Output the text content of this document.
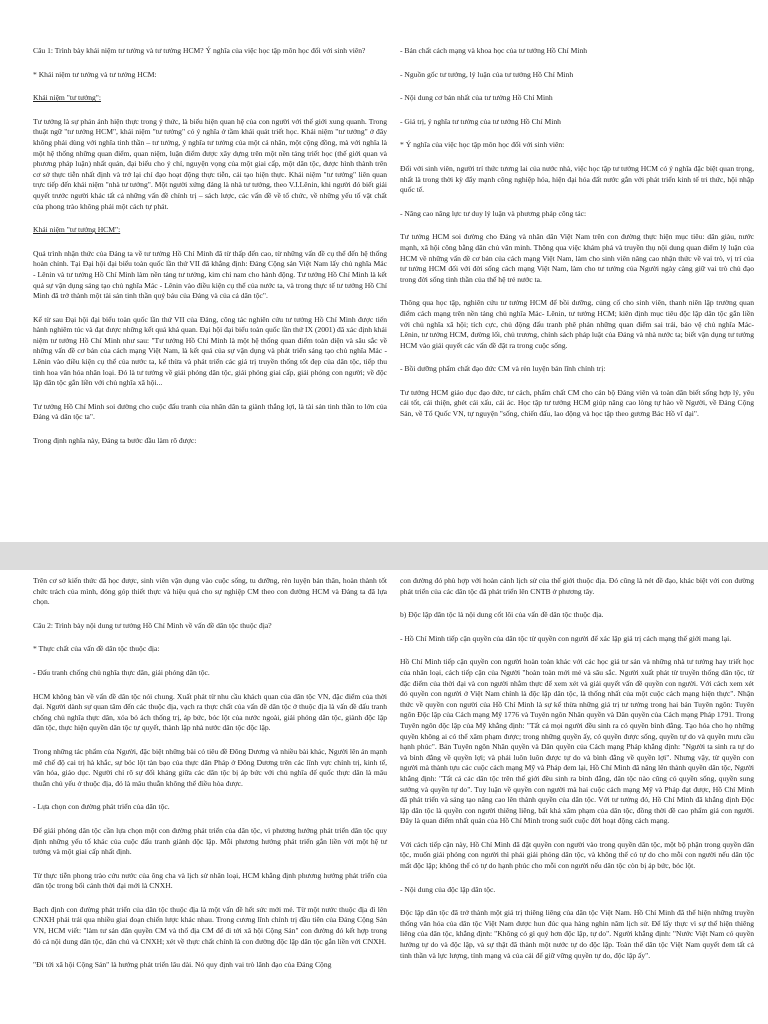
Câu 1: Trình bày khái niệm tư tưởng và tư tưởng HCM? Ý nghĩa của việc học tập môn học đối với sinh viên?

* Khái niệm tư tưởng và tư tưởng HCM:

Khái niệm "tư tưởng":

Tư tưởng là sự phản ánh hiện thực trong ý thức, là biểu hiện quan hệ của con người với thế giới xung quanh. Trong thuật ngữ "tư tưởng HCM", khái niệm "tư tưởng" có ý nghĩa ở tầm khái quát triết học. Khái niệm "tư tưởng" ở đây không phải dùng với nghĩa tinh thần – tư tưởng, ý nghĩa tư tưởng của một cá nhân, một cộng đồng, mà với nghĩa là một hệ thống những quan điểm, quan niệm, luận điểm được xây dựng trên một nền tảng triết học (thế giới quan và phương pháp luận) nhất quán, đại biểu cho ý chí, nguyện vọng của một giai cấp, một dân tộc, được hình thành trên cơ sở thực tiễn nhất định và trở lại chỉ đạo hoạt động thực tiễn, cải tạo hiện thực. Khái niệm "tư tưởng" liên quan trực tiếp đến khái niệm "nhà tư tưởng". Một người xứng đáng là nhà tư tưởng, theo V.I.Lênin, khi người đó biết giải quyết trước người khác tất cả những vấn đề chính trị – sách lược, các vấn đề về tổ chức, về những yếu tố vật chất của phong trào không phải một cách tự phát.

Khái niệm "tư tưởng HCM":

Quá trình nhận thức của Đảng ta về tư tưởng Hồ Chí Minh đã từ thấp đến cao, từ những vấn đề cụ thể đến hệ thống hoàn chỉnh. Tại Đại hội đại biểu toàn quốc lần thứ VII đã khẳng định: Đảng Cộng sản Việt Nam lấy chủ nghĩa Mác - Lênin và tư tưởng Hồ Chí Minh làm nền tảng tư tưởng, kim chỉ nam cho hành động. Tư tưởng Hồ Chí Minh là kết quả sự vận dụng sáng tạo chủ nghĩa Mác - Lênin vào điều kiện cụ thể của nước ta, và trong thực tế tư tưởng Hồ Chí Minh đã trở thành một tài sản tinh thần quý báu của Đảng và của cả dân tộc".

Kể từ sau Đại hội đại biểu toàn quốc lần thứ VII của Đảng, công tác nghiên cứu tư tưởng Hồ Chí Minh được tiến hành nghiêm túc và đạt được những kết quả khả quan. Đại hội đại biểu toàn quốc lần thứ IX (2001) đã xác định khái niệm tư tưởng Hồ Chí Minh như sau: "Tư tưởng Hồ Chí Minh là một hệ thống quan điểm toàn diện và sâu sắc về những vấn đề cơ bản của cách mạng Việt Nam, là kết quả của sự vận dụng và phát triển sáng tạo chủ nghĩa Mác - Lênin vào điều kiện cụ thể của nước ta, kế thừa và phát triển các giá trị truyền thống tốt đẹp của dân tộc, tiếp thu tinh hoa văn hóa nhân loại. Đó là tư tưởng về giải phóng dân tộc, giải phóng giai cấp, giải phóng con người; về độc lập dân tộc gắn liền với chủ nghĩa xã hội...

Tư tưởng Hồ Chí Minh soi đường cho cuộc đấu tranh của nhân dân ta giành thắng lợi, là tài sản tinh thần to lớn của Đảng và dân tộc ta".

Trong định nghĩa này, Đảng ta bước đầu làm rõ được:

- Bản chất cách mạng và khoa học của tư tưởng Hồ Chí Minh

- Nguồn gốc tư tưởng, lý luận của tư tưởng Hồ Chí Minh

- Nội dung cơ bản nhất của tư tưởng Hồ Chí Minh

- Giá trị, ý nghĩa tư tưởng của tư tưởng Hồ Chí Minh

* Ý nghĩa của việc học tập môn học đối với sinh viên:

Đối với sinh viên, người trí thức tương lai của nước nhà, việc học tập tư tưởng HCM có ý nghĩa đặc biệt quan trọng, nhất là trong thời kỳ đẩy mạnh công nghiệp hóa, hiện đại hóa đất nước gắn với phát triển kinh tế tri thức, hội nhập quốc tế.

- Nâng cao năng lực tư duy lý luận và phương pháp công tác:

Tư tưởng HCM soi đường cho Đảng và nhân dân Việt Nam trên con đường thực hiện mục tiêu: dân giàu, nước mạnh, xã hội công bằng dân chủ văn minh. Thông qua việc khám phá và truyền thụ nội dung quan điểm lý luận của HCM về những vấn đề cơ bản của cách mạng Việt Nam, làm cho sinh viên nâng cao nhận thức về vai trò, vị trí của tư tưởng HCM đối với đời sống cách mạng Việt Nam, làm cho tư tưởng của Người ngày càng giữ vai trò chủ đạo trong đời sống tinh thần của thế hệ trẻ nước ta.

Thông qua học tập, nghiên cứu tư tưởng HCM để bồi dưỡng, củng cố cho sinh viên, thanh niên lập trường quan điểm cách mạng trên nền tảng chủ nghĩa Mác- Lênin, tư tưởng HCM; kiên định mục tiêu độc lập dân tộc gắn liền với chủ nghĩa xã hội; tích cực, chủ động đấu tranh phê phán những quan điểm sai trái, bảo vệ chủ nghĩa Mác- Lênin, tư tưởng HCM, đường lối, chủ trương, chính sách pháp luật của Đảng và nhà nước ta; biết vận dụng tư tưởng HCM vào giải quyết các vấn đề đặt ra trong cuộc sống.

- Bồi dưỡng phẩm chất đạo đức CM và rèn luyện bản lĩnh chính trị:

Tư tưởng HCM giáo dục đạo đức, tư cách, phẩm chất CM cho cán bộ Đảng viên và toàn dân biết sống hợp lý, yêu cái tốt, cái thiện, ghét cái xấu, cái ác. Học tập tư tưởng HCM giúp nâng cao lòng tự hào về Người, về Đảng Cộng Sản, về Tổ Quốc VN, tự nguyện "sống, chiến đấu, lao động và học tập theo gương Bác Hồ vĩ đại".

Trên cơ sở kiến thức đã học được, sinh viên vận dụng vào cuộc sống, tu dưỡng, rèn luyện bản thân, hoàn thành tốt chức trách của mình, đóng góp thiết thực và hiệu quả cho sự nghiệp CM theo con đường HCM và Đảng ta đã lựa chọn.

Câu 2: Trình bày nội dung tư tưởng Hồ Chí Minh về vấn đề dân tộc thuộc địa?

* Thực chất của vấn đề dân tộc thuộc địa:

- Đấu tranh chống chủ nghĩa thực dân, giải phóng dân tộc.

HCM không bàn về vấn đề dân tộc nói chung. Xuất phát từ nhu cầu khách quan của dân tộc VN, đặc điểm của thời đại. Người dành sự quan tâm đến các thuộc địa, vạch ra thực chất của vấn đề dân tộc ở thuộc địa là vấn đề đấu tranh chống chủ nghĩa thực dân, xóa bỏ ách thống trị, áp bức, bóc lột của nước ngoài, giải phóng dân tộc, giành độc lập dân tộc, thực hiện quyền dân tộc tự quyết, thành lập nhà nước dân tộc độc lập.

Trong những tác phẩm của Người, đặc biệt những bài có tiêu đề Đông Dương và nhiều bài khác, Người lên án mạnh mẽ chế độ cai trị hà khắc, sự bóc lột tàn bạo của thực dân Pháp ở Đông Dương trên các lĩnh vực chính trị, kinh tế, văn hóa, giáo dục. Người chỉ rõ sự đối kháng giữa các dân tộc bị áp bức với chủ nghĩa đế quốc thực dân là mâu thuẫn chủ yếu ở thuộc địa, đó là mâu thuẫn không thể điều hòa được.

- Lựa chọn con đường phát triển của dân tộc.

Để giải phóng dân tộc cần lựa chọn một con đường phát triển của dân tộc, vì phương hướng phát triển dân tộc quy định những yếu tố khác của cuộc đấu tranh giành độc lập. Mỗi phương hướng phát triển gắn liền với một hệ tư tưởng và một giai cấp nhất định.

Từ thực tiễn phong trào cứu nước của ông cha và lịch sử nhân loại, HCM khẳng định phương hướng phát triển của dân tộc trong bối cảnh thời đại mới là CNXH.

Bạch định con đường phát triển của dân tộc thuộc địa là một vấn đề hết sức mới mẻ. Từ một nước thuộc địa đi lên CNXH phải trải qua nhiều giai đoạn chiến lược khác nhau. Trong cương lĩnh chính trị đầu tiên của Đảng Cộng Sản VN, HCM viết: "làm tư sản dân quyền CM và thổ địa CM để đi tới xã hội Cộng Sản" con đường đó kết hợp trong đó cả nội dung dân tộc, dân chủ và CNXH; xét về thực chất chính là con đường độc lập dân tộc gắn liền với CNXH.

"Đi tới xã hội Cộng Sản" là hướng phát triển lâu dài. Nó quy định vai trò lãnh đạo của Đảng Cộng

con đường đó phù hợp với hoàn cảnh lịch sử của thế giới thuộc địa. Đó cũng là nét đề đạo, khác biệt với con đường phát triển của các dân tộc đã phát triển lên CNTB ở phương tây.

b) Độc lập dân tộc là nội dung cốt lõi của vấn đề dân tộc thuộc địa.

- Hồ Chí Minh tiếp cận quyền của dân tộc từ quyền con người để xác lập giá trị cách mạng thế giới mang lại.

Hồ Chí Minh tiếp cận quyền con người hoàn toàn khác với các học giả tư sản và những nhà tư tưởng hay triết học của nhân loại, cách tiếp cận của Người "hoàn toàn mới mẻ và sâu sắc. Người xuất phát từ truyền thống dân tộc, từ đặc điểm của thời đại và con người nhằm thực để xem xét và giải quyết vấn đề quyền con người. Với cách xem xét đó quyền con người ở Việt Nam chính là độc lập dân tộc, là thống nhất của một cuộc cách mạng hiện thực". Nhận thức về quyền con người của Hồ Chí Minh là sự kế thừa những giá trị tư tưởng trong hai bản Tuyên ngôn: Tuyên ngôn Độc lập của Cách mạng Mỹ 1776 và Tuyên ngôn Nhân quyền và Dân quyền của Cách mạng Pháp 1791. Trong Tuyên ngôn độc lập của Mỹ khẳng định: "Tất cả mọi người đều sinh ra có quyền bình đẳng. Tạo hóa cho họ những quyền không ai có thể xâm phạm được; trong những quyền ấy, có quyền được sống, quyền tự do và quyền mưu cầu hạnh phúc". Bản Tuyên ngôn Nhân quyền và Dân quyền của Cách mạng Pháp khẳng định: "Người ta sinh ra tự do và bình đẳng về quyền lợi; và phải luôn luôn được tự do và bình đẳng về quyền lợi". Nhưng vậy, từ quyền con người mà thành tựu các cuộc cách mạng Mỹ và Pháp đem lại, Hồ Chí Minh đã nâng lên thành quyền dân tộc, Người khẳng định: "Tất cả các dân tộc trên thế giới đều sinh ra bình đẳng, dân tộc nào cũng có quyền sống, quyền sung sướng và quyền tự do". Tuy luận về quyền con người mà hai cuộc cách mạng Mỹ và Pháp đạt được, Hồ Chí Minh đã phát triển và sáng tạo nâng cao lên thành quyền của dân tộc. Với tư tưởng đó, Hồ Chí Minh đã khẳng định Độc lập dân tộc là quyền con người thiêng liêng, bất khả xâm phạm của dân tộc, đồng thời đề cao phẩm giá con người. Đây là quan điểm nhất quán của Hồ Chí Minh trong suốt cuộc đời hoạt động cách mạng.

Với cách tiếp cận này, Hồ Chí Minh đã đặt quyền con người vào trong quyền dân tộc, một bộ phận trong quyền dân tộc, muốn giải phóng con người thì phải giải phóng dân tộc, và không thể có tự do cho mỗi con người nếu dân tộc mất độc lập; không thể có tự do hạnh phúc cho mỗi con người nếu dân tộc còn bị áp bức, bóc lột.

- Nội dung của độc lập dân tộc.

Độc lập dân tộc đã trở thành một giá trị thiêng liêng của dân tộc Việt Nam. Hồ Chí Minh đã thể hiện những truyền thống văn hóa của dân tộc Việt Nam được hun đúc qua hàng nghìn năm lịch sử. Để lấy thực vì sự thể hiện thiêng liêng của dân tộc, khẳng định: "Không có gì quý hơn độc lập, tự do". Người khẳng định: "Nước Việt Nam có quyền hưởng tự do và độc lập, và sự thật đã thành một nước tự do độc lập. Toàn thể dân tộc Việt Nam quyết đem tất cả tinh thần và lực lượng, tính mạng và của cải để giữ vững quyền tự do, độc lập ấy".
